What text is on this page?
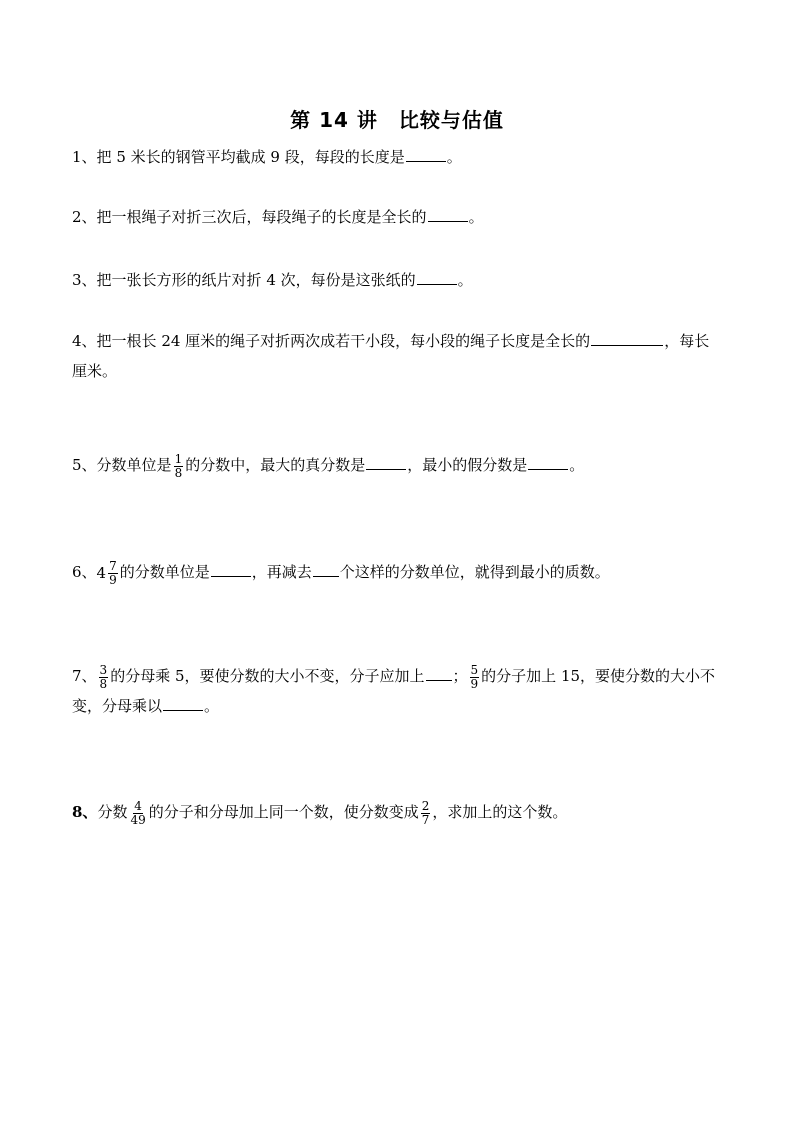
第 14 讲　比较与估值
1、把 5 米长的钢管平均截成 9 段，每段的长度是	。
2、把一根绳子对折三次后，每段绳子的长度是全长的	。
3、把一张长方形的纸片对折 4 次，每份是这张纸的	。
4、把一根长 24 厘米的绳子对折两次成若干小段，每小段的绳子长度是全长的	，每长
厘米。
5、分数单位是 $\frac{1}{8}$ 的分数中，最大的真分数是	，最小的假分数是	。
6、$4 \frac{7}{9}$ 的分数单位是	，再减去 个这样的分数单位，就得到最小的质数。
7、 $\frac{3}{8}$ 的分母乘 5，要使分数的大小不变，分子应加上 ； $\frac{5}{9}$ 的分子加上 15，要使分数的大小不
变，分母乘以	。
8、分数 $\frac{4}{49}$ 的分子和分母加上同一个数，使分数变成 $\frac{2}{7}$ ，求加上的这个数。
